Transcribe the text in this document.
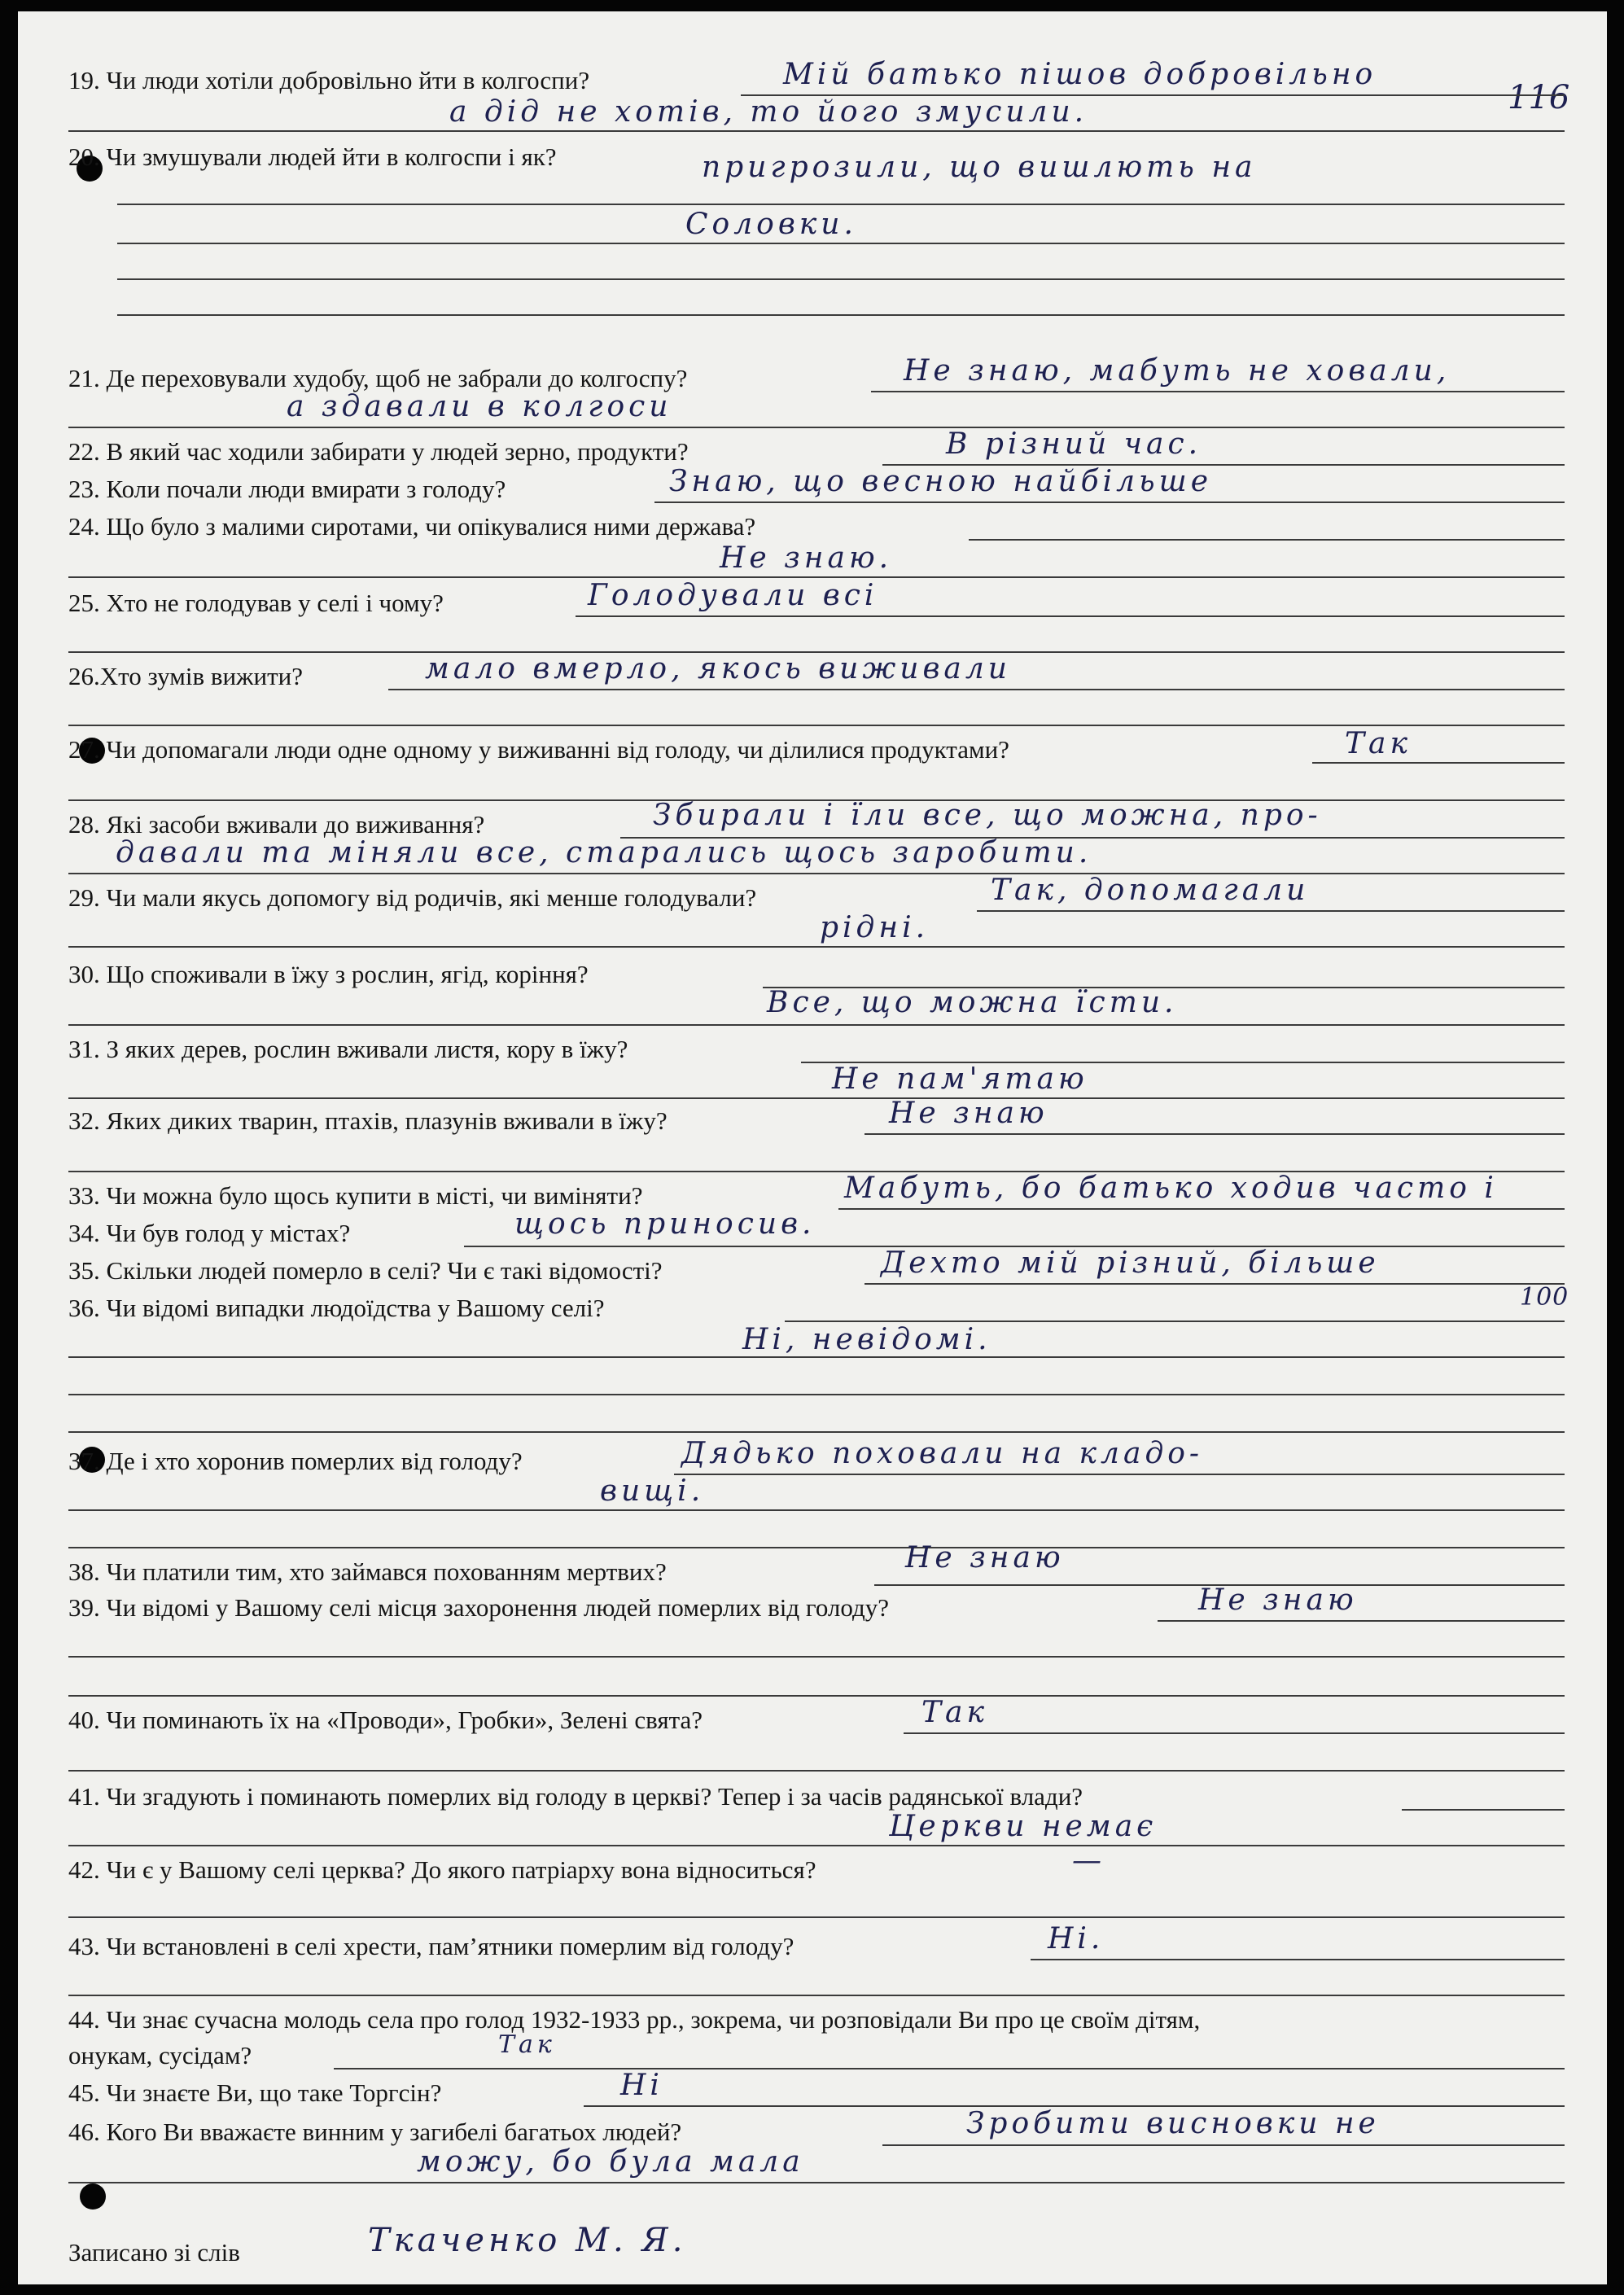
116
19. Чи люди хотіли добровільно йти в колгоспи?	Мій батько пішов добровільно
а дід не хотів, то його змусили.
20. Чи змушували людей йти в колгоспи і як?	пригрозили, що вишлють на
Соловки.
21. Де переховували худобу, щоб не забрали до колгоспу?	Не знаю, мабуть не ховали,
а здавали в колгоси
22. В який час ходили забирати у людей зерно, продукти?	В різний час.
23. Коли почали люди вмирати з голоду?	Знаю, що весною найбільше
24. Що було з малими сиротами, чи опікувалися ними держава?
Не знаю.
25. Хто не голодував у селі і чому?	Голодували всі
26.Хто зумів вижити?	мало вмерло, якось виживали
27. Чи допомагали люди одне одному у виживанні від голоду, чи ділилися продуктами?	Так
28. Які засоби вживали до виживання?	Збирали і їли все, що можна, про-
давали та міняли все, старались щось заробити.
29. Чи мали якусь допомогу від родичів, які менше голодували?	Так, допомагали
рідні.
30. Що споживали в їжу з рослин, ягід, коріння?
Все, що можна їсти.
31. З яких дерев, рослин вживали листя, кору в їжу?
Не пам'ятаю
32. Яких диких тварин, птахів, плазунів вживали в їжу?	Не знаю
33. Чи можна було щось купити в місті, чи виміняти?	Мабуть, бо батько ходив часто і
34. Чи був голод у містах?	щось приносив.
35. Скільки людей померло в селі? Чи є такі відомості?	Дехто мій різний, більше
100
36. Чи відомі випадки людоїдства у Вашому селі?
Ні, невідомі.
37. Де і хто хоронив померлих від голоду?	Дядько поховали на кладо-
вищі.
38. Чи платили тим, хто займався похованням мертвих?	Не знаю
39. Чи відомі у Вашому селі місця захоронення людей померлих від голоду?	Не знаю
40. Чи поминають їх на «Проводи», Гробки», Зелені свята?	Так
41. Чи згадують і поминають померлих від голоду в церкві? Тепер і за часів радянської влади?
Церкви немає
42. Чи є у Вашому селі церква? До якого патріарху вона відноситься?	—
43. Чи встановлені в селі хрести, пам’ятники померлим від голоду?	Ні.
44. Чи знає сучасна молодь села про голод 1932-1933 рр., зокрема, чи розповідали Ви про це своїм дітям,
онукам, сусідам?	Так
45. Чи знаєте Ви, що таке Торгсін?	Ні
46. Кого Ви вважаєте винним у загибелі багатьох людей?	Зробити висновки не
можу, бо була мала
Записано зі слів	Ткаченко М. Я.
